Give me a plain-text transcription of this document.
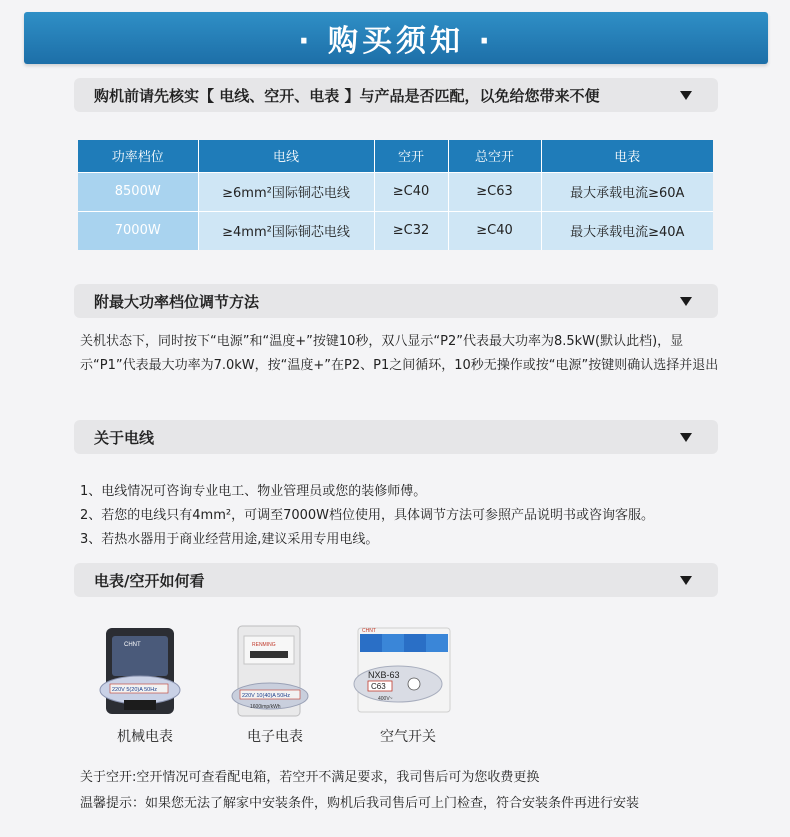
· 购买须知 ·
购机前请先核实【 电线、空开、电表 】与产品是否匹配，以免给您带来不便
功率档位	电线	空开	总空开	电表
8500W	≥6mm²国际铜芯电线	≥C40	≥C63	最大承载电流≥60A
7000W	≥4mm²国际铜芯电线	≥C32	≥C40	最大承载电流≥40A
附最大功率档位调节方法
关机状态下，同时按下“电源”和“温度+”按键10秒，双八显示“P2”代表最大功率为8.5kW(默认此档)，显示“P1”代表最大功率为7.0kW，按“温度+”在P2、P1之间循环，10秒无操作或按“电源”按键则确认选择并退出
关于电线
1、电线情况可咨询专业电工、物业管理员或您的装修师傅。
2、若您的电线只有4mm²，可调至7000W档位使用，具体调节方法可参照产品说明书或咨询客服。
3、若热水器用于商业经营用途,建议采用专用电线。
电表/空开如何看
CHNT
220V 5(20)A 50Hz
机械电表
RENMING
220V 10(40)A 50Hz
1600imp/kWh
电子电表
CHNT
NXB-63
C63
400V~
空气开关
关于空开:空开情况可查看配电箱，若空开不满足要求，我司售后可为您收费更换
温馨提示：如果您无法了解家中安装条件，购机后我司售后可上门检查，符合安装条件再进行安装
